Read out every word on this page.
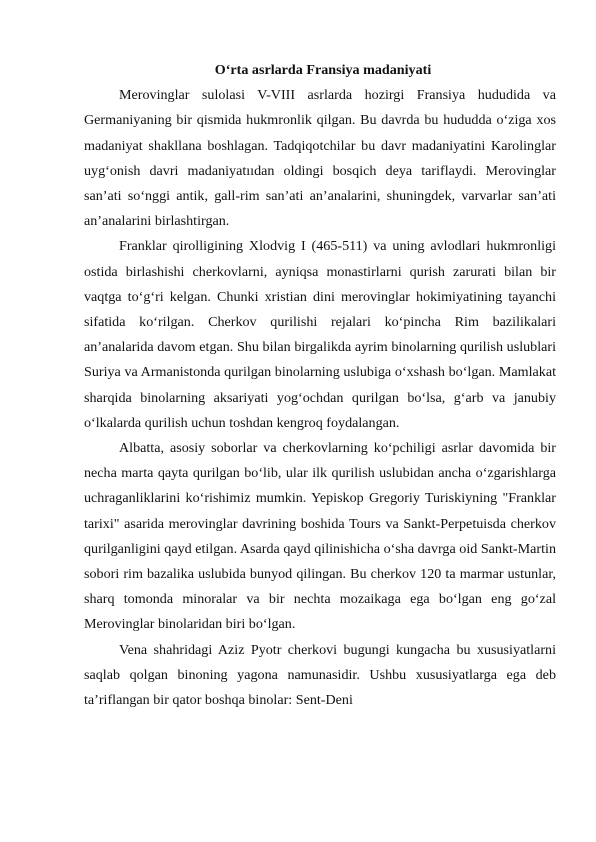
Oʻrta asrlarda Fransiya madaniyati

Merovinglar sulolasi V-VIII asrlarda hozirgi Fransiya hududida va Germaniyaning bir qismida hukmronlik qilgan. Bu davrda bu hududda oʻziga xos madaniyat shakllana boshlagan. Tadqiqotchilar bu davr madaniyatini Karolinglar uygʻonish davri madaniyatııdan oldingi bosqich deya tariflaydi. Merovinglar san’ati soʻnggi antik, gall-rim san’ati an’analarini, shuningdek, varvarlar san’ati an’analarini birlashtirgan.

Franklar qirolligining Xlodvig I (465-511) va uning avlodlari hukmronligi ostida birlashishi cherkovlarni, ayniqsa monastirlarni qurish zarurati bilan bir vaqtga toʻgʻri kelgan. Chunki xristian dini merovinglar hokimiyatining tayanchi sifatida koʻrilgan. Cherkov qurilishi rejalari koʻpincha Rim bazilikalari an’analarida davom etgan. Shu bilan birgalikda ayrim binolarning qurilish uslublari Suriya va Armanistonda qurilgan binolarning uslubiga oʻxshash boʻlgan. Mamlakat sharqida binolarning aksariyati yogʻochdan qurilgan boʻlsa, gʻarb va janubiy oʻlkalarda qurilish uchun toshdan kengroq foydalangan.

Albatta, asosiy soborlar va cherkovlarning koʻpchiligi asrlar davomida bir necha marta qayta qurilgan boʻlib, ular ilk qurilish uslubidan ancha oʻzgarishlarga uchraganliklarini koʻrishimiz mumkin. Yepiskop Gregoriy Turiskiyning "Franklar tarixi" asarida merovinglar davrining boshida Tours va Sankt-Perpetuisda cherkov qurilganligini qayd etilgan. Asarda qayd qilinishicha oʻsha davrga oid Sankt-Martin sobori rim bazalika uslubida bunyod qilingan. Bu cherkov 120 ta marmar ustunlar, sharq tomonda minoralar va bir nechta mozaikaga ega boʻlgan eng goʻzal Merovinglar binolaridan biri boʻlgan.

Vena shahridagi Aziz Pyotr cherkovi bugungi kungacha bu xususiyatlarni saqlab qolgan binoning yagona namunasidir. Ushbu xususiyatlarga ega deb ta’riflangan bir qator boshqa binolar: Sent-Deni
